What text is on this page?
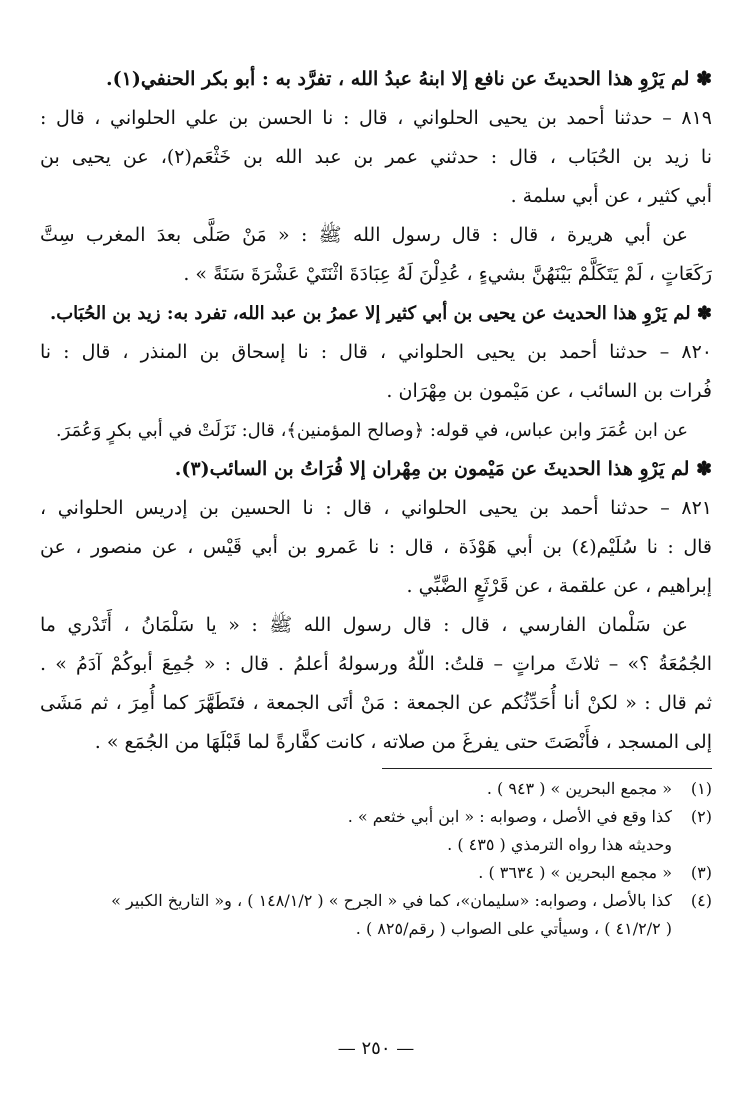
✽ لم يَرْوِ هذا الحديثَ عن نافع إلا ابنهُ عبدُ الله ، تفرَّد به : أبو بكر الحنفي(١).
٨١٩ – حدثنا أحمد بن يحيى الحلواني ، قال : نا الحسن بن علي الحلواني ، قال :
نا زيد بن الحُبَاب ، قال : حدثني عمر بن عبد الله بن خَثْعَم(٢)، عن يحيى بن
أبي كثير ، عن أبي سلمة .
عن أبي هريرة ، قال : قال رسول الله ﷺ : « مَنْ صَلَّى بعدَ المغرب سِتَّ
رَكَعَاتٍ ، لَمْ يَتَكَلَّمْ بَيْنَهُنَّ بشيءٍ ، عُدِلْنَ لَهُ عِبَادَةَ اثْنَتَيْ عَشْرَةَ سَنَةً » .
✽ لم يَرْوِ هذا الحديث عن يحيى بن أبي كثير إلا عمرُ بن عبد الله، تفرد به: زيد بن الحُبَاب.
٨٢٠ – حدثنا أحمد بن يحيى الحلواني ، قال : نا إسحاق بن المنذر ، قال : نا
فُرات بن السائب ، عن مَيْمون بن مِهْرَان .
عن ابن عُمَرَ وابن عباس، في قوله: ﴿وصالح المؤمنين﴾، قال: نَزَلَتْ في أبي بكرٍ وَعُمَرَ.
✽ لم يَرْوِ هذا الحديثَ عن مَيْمون بن مِهْران إلا فُرَاتُ بن السائب(٣).
٨٢١ – حدثنا أحمد بن يحيى الحلواني ، قال : نا الحسين بن إدريس الحلواني ،
قال : نا سُلَيْم(٤) بن أبي هَوْذَة ، قال : نا عَمرو بن أبي قَيْس ، عن منصور ، عن
إبراهيم ، عن علقمة ، عن قَرْثَعٍ الضَّبِّي .
عن سَلْمان الفارسي ، قال : قال رسول الله ﷺ : « يا سَلْمَانُ ، أَتَدْري ما
الجُمُعَةُ ؟» – ثلاثَ مراتٍ – قلتُ: اللّهُ ورسولهُ أعلمُ . قال : « جُمِعَ أبوكُمْ آدَمُ » .
ثم قال : « لكنْ أنا أُحَدِّثُكم عن الجمعة : مَنْ أتَى الجمعة ، فتَطَهَّرَ كما أُمِرَ ، ثم مَشَى
إلى المسجد ، فأَنْصَتَ حتى يفرغَ من صلاته ، كانت كفَّارةً لما قَبْلَهَا من الجُمَع » .
(١)
« مجمع البحرين » ( ٩٤٣ ) .
(٢)
كذا وقع في الأصل ، وصوابه : « ابن أبي خثعم » .
وحديثه هذا رواه الترمذي ( ٤٣٥ ) .
(٣)
« مجمع البحرين » ( ٣٦٣٤ ) .
(٤)
كذا بالأصل ، وصوابه: «سليمان»، كما في « الجرح » ( ١٤٨/١/٢ ) ، و« التاريخ الكبير »
( ٤١/٢/٢ ) ، وسيأتي على الصواب ( رقم/٨٢٥ ) .
— ٢٥٠ —
